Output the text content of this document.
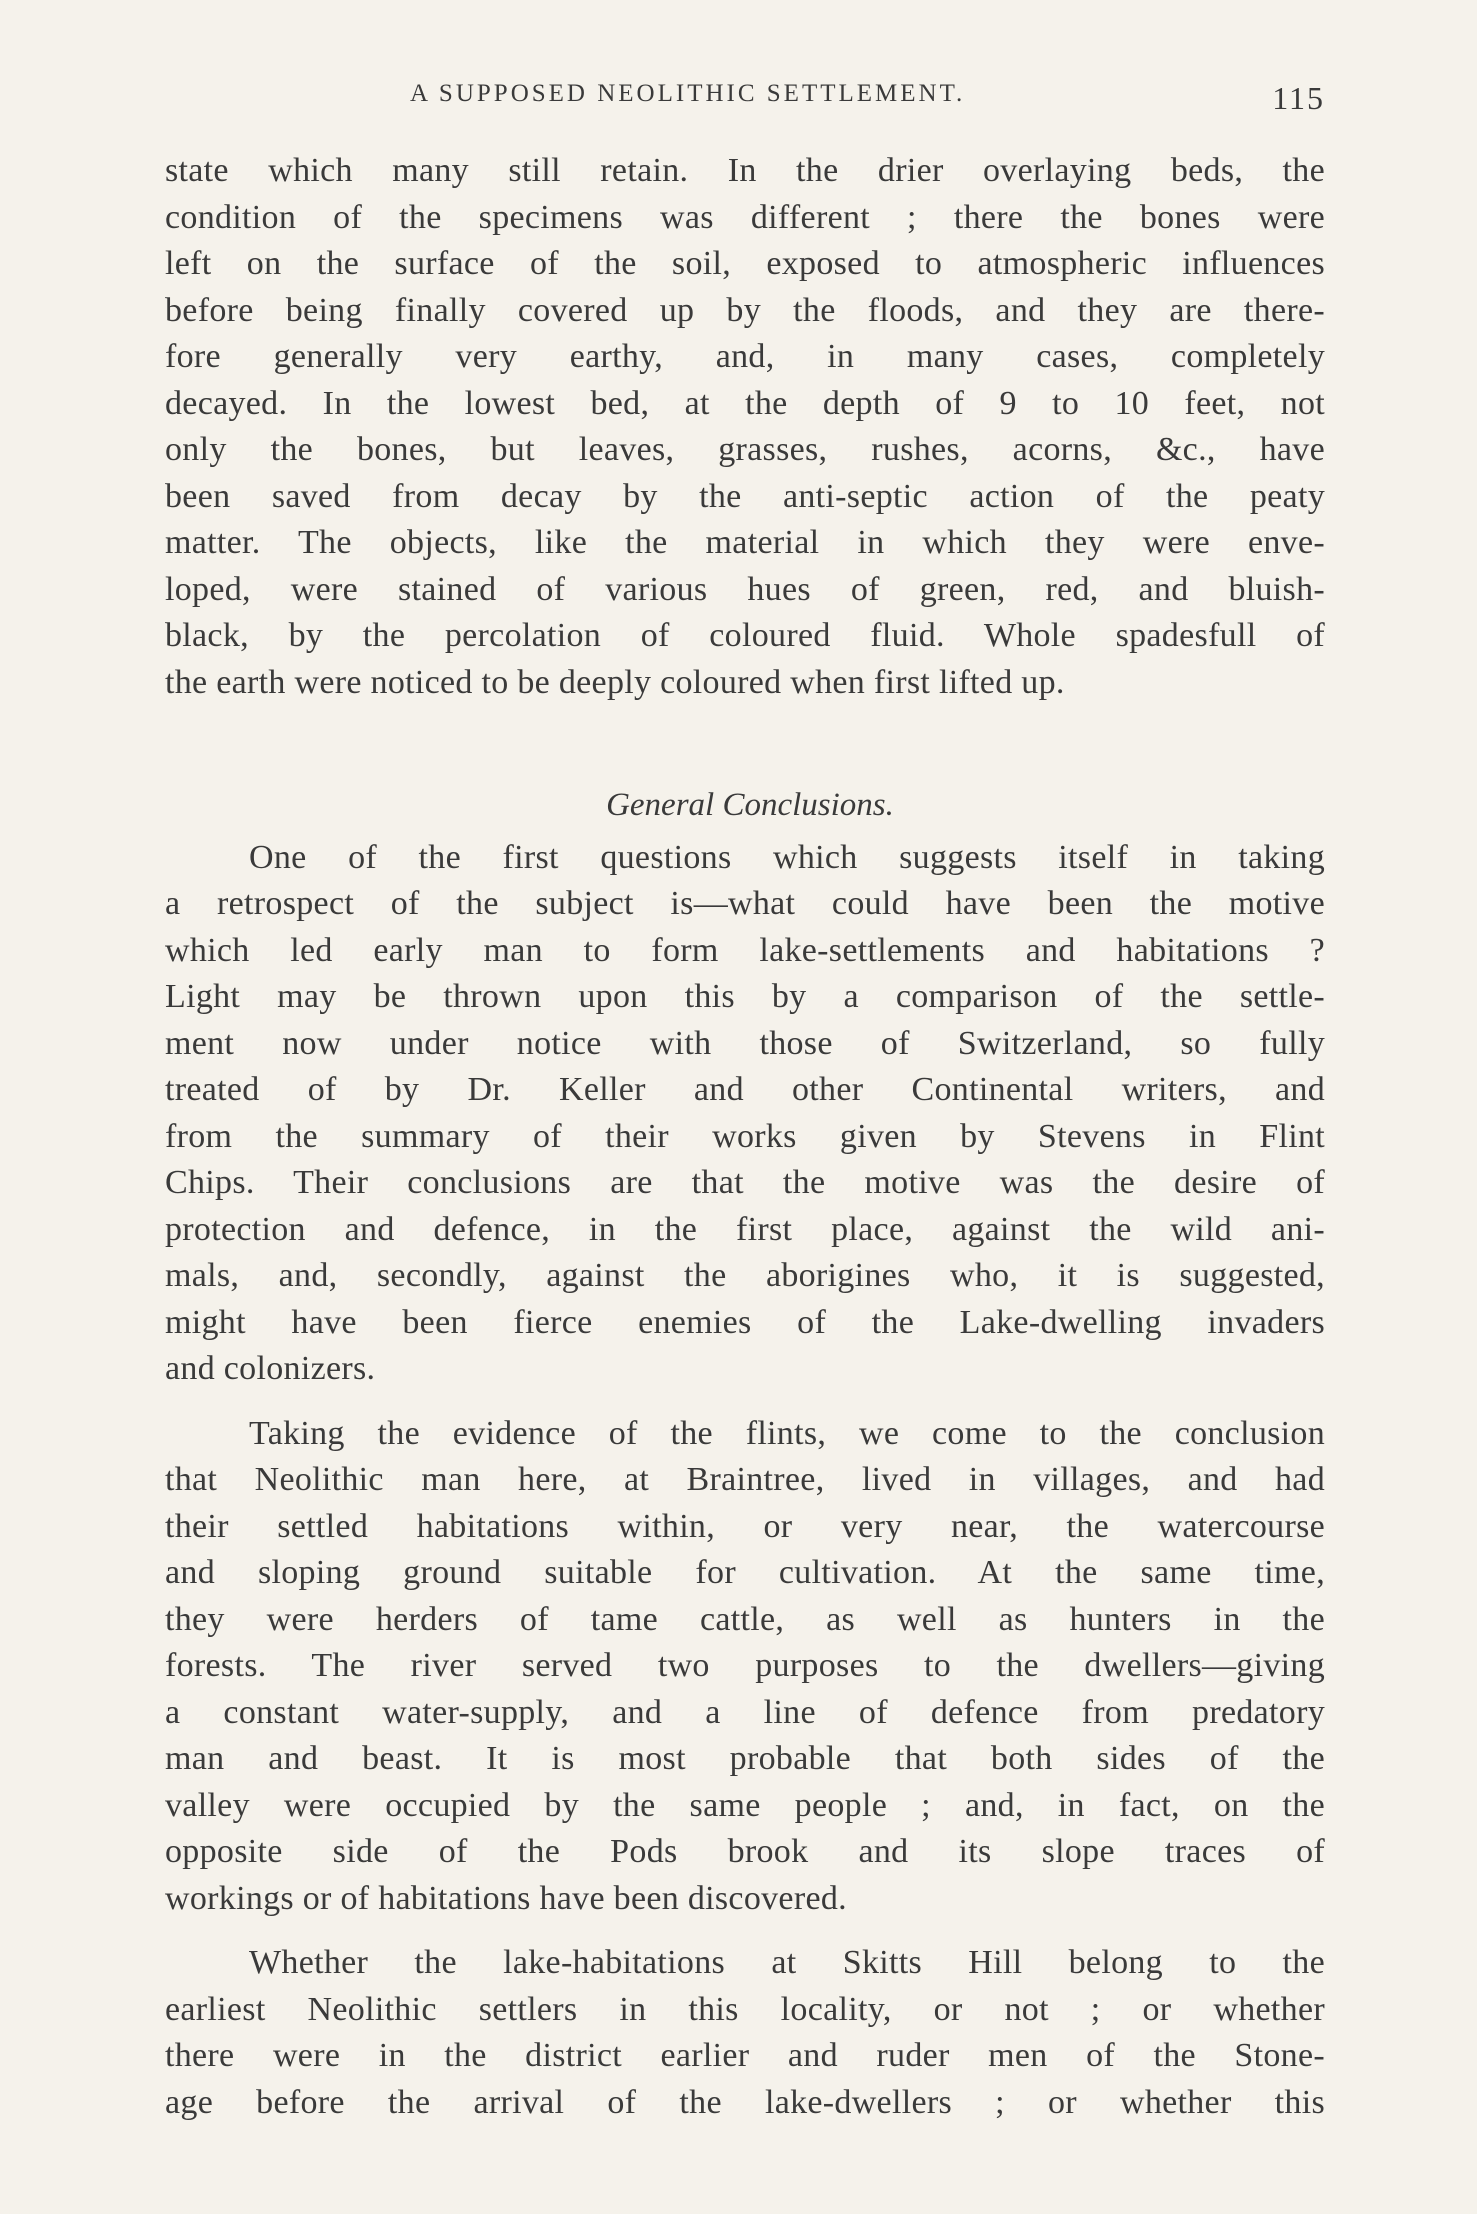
A SUPPOSED NEOLITHIC SETTLEMENT.	115
state which many still retain. In the drier overlaying beds, the
condition of the specimens was different ; there the bones were
left on the surface of the soil, exposed to atmospheric influences
before being finally covered up by the floods, and they are there-
fore generally very earthy, and, in many cases, completely
decayed. In the lowest bed, at the depth of 9 to 10 feet, not
only the bones, but leaves, grasses, rushes, acorns, &c., have
been saved from decay by the anti-septic action of the peaty
matter. The objects, like the material in which they were enve-
loped, were stained of various hues of green, red, and bluish-
black, by the percolation of coloured fluid. Whole spadesfull of
the earth were noticed to be deeply coloured when first lifted up.
General Conclusions.
One of the first questions which suggests itself in taking
a retrospect of the subject is—what could have been the motive
which led early man to form lake-settlements and habitations ?
Light may be thrown upon this by a comparison of the settle-
ment now under notice with those of Switzerland, so fully
treated of by Dr. Keller and other Continental writers, and
from the summary of their works given by Stevens in Flint
Chips. Their conclusions are that the motive was the desire of
protection and defence, in the first place, against the wild ani-
mals, and, secondly, against the aborigines who, it is suggested,
might have been fierce enemies of the Lake-dwelling invaders
and colonizers.
Taking the evidence of the flints, we come to the conclusion
that Neolithic man here, at Braintree, lived in villages, and had
their settled habitations within, or very near, the watercourse
and sloping ground suitable for cultivation. At the same time,
they were herders of tame cattle, as well as hunters in the
forests. The river served two purposes to the dwellers—giving
a constant water-supply, and a line of defence from predatory
man and beast. It is most probable that both sides of the
valley were occupied by the same people ; and, in fact, on the
opposite side of the Pods brook and its slope traces of
workings or of habitations have been discovered.
Whether the lake-habitations at Skitts Hill belong to the
earliest Neolithic settlers in this locality, or not ; or whether
there were in the district earlier and ruder men of the Stone-
age before the arrival of the lake-dwellers ; or whether this
